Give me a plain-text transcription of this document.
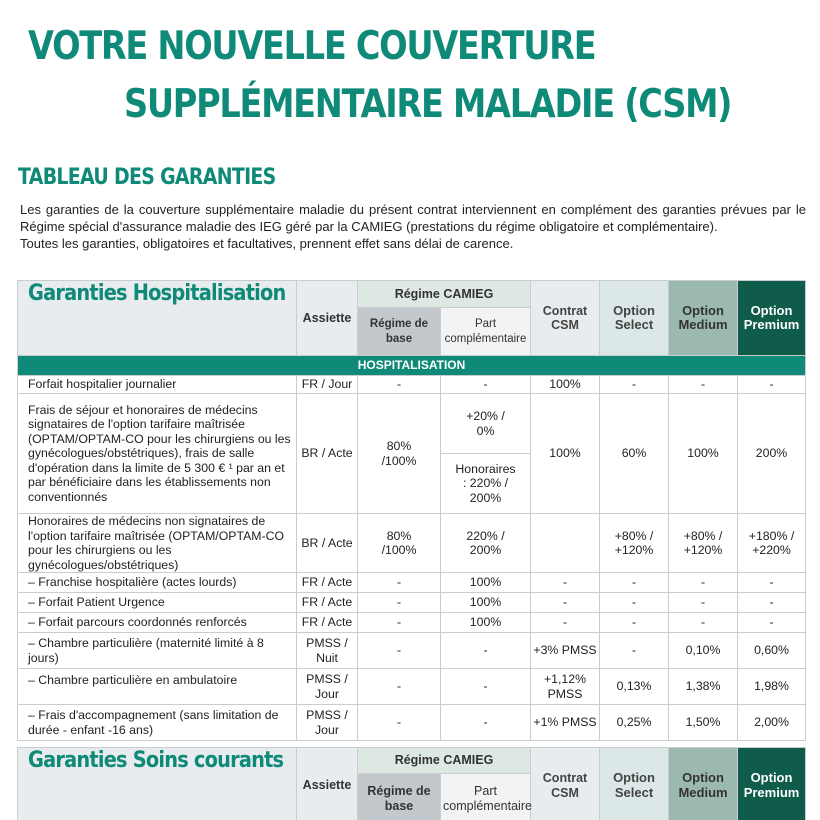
VOTRE NOUVELLE COUVERTURE
SUPPLÉMENTAIRE MALADIE (CSM)
TABLEAU DES GARANTIES

Les garanties de la couverture supplémentaire maladie du présent contrat interviennent en complément des garanties prévues par le Régime spécial d'assurance maladie des IEG géré par la CAMIEG (prestations du régime obligatoire et complémentaire).

Toutes les garanties, obligatoires et facultatives, prennent effet sans délai de carence.

Garanties Hospitalisation	Assiette	Régime CAMIEG		Contrat CSM	Option Select	Option Medium	Option Premium
		Régime de base	Part complémentaire				
HOSPITALISATION							
Forfait hospitalier journalier	FR / Jour	-	-	100%	-	-	-
Frais de séjour et honoraires de médecins signataires de l'option tarifaire maîtrisée (OPTAM/OPTAM-CO pour les chirurgiens ou les gynécologues/obstétriques), frais de salle d'opération dans la limite de 5 300 € ¹ par an et par bénéficiaire dans les établissements non conventionnés	BR / Acte	80% /100%	+20% / 0%	100%	60%	100%	200%
			Honoraires : 220% / 200%				
Honoraires de médecins non signataires de l'option tarifaire maîtrisée (OPTAM/OPTAM-CO pour les chirurgiens ou les gynécologues/obstétriques)	BR / Acte	80% /100%	220% / 200%		+80% / +120%	+80% / +120%	+180% / +220%
– Franchise hospitalière (actes lourds)	FR / Acte	-	100%	-	-	-	-
– Forfait Patient Urgence	FR / Acte	-	100%	-	-	-	-
– Forfait parcours coordonnés renforcés	FR / Acte	-	100%	-	-	-	-
– Chambre particulière (maternité limité à 8 jours)	PMSS / Nuit	-	-	+3% PMSS	-	0,10%	0,60%
– Chambre particulière en ambulatoire	PMSS / Jour	-	-	+1,12% PMSS	0,13%	1,38%	1,98%
– Frais d'accompagnement (sans limitation de durée - enfant -16 ans)	PMSS / Jour	-	-	+1% PMSS	0,25%	1,50%	2,00%
Garanties Soins courants	Assiette	Régime CAMIEG		Contrat CSM	Option Select	Option Medium	Option Premium
		Régime de base	Part complémentaire				
